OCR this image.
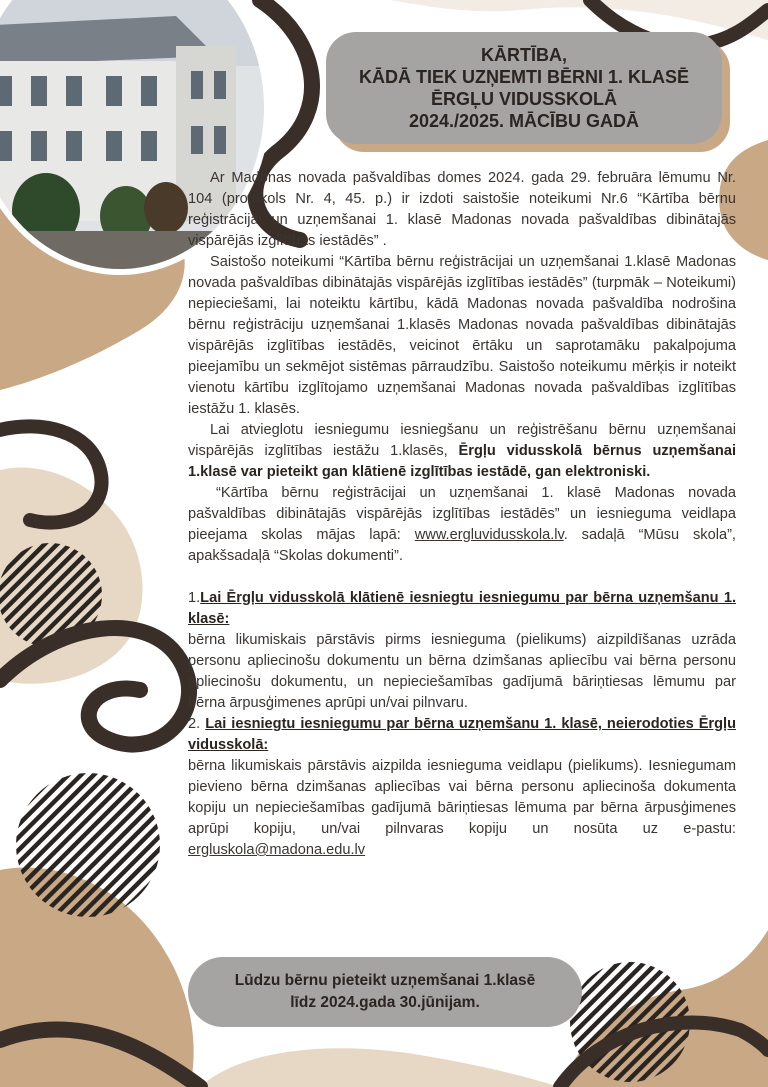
KĀRTĪBA,
KĀDĀ TIEK UZŅEMTI BĒRNI 1. KLASĒ
ĒRGĻU VIDUSSKOLĀ
2024./2025. MĀCĪBU GADĀ

Ar Madonas novada pašvaldības domes 2024. gada 29. februāra lēmumu Nr. 104 (protokols Nr. 4, 45. p.) ir izdoti saistošie noteikumi Nr.6 “Kārtība bērnu reģistrācijai un uzņemšanai 1. klasē Madonas novada pašvaldības dibinātajās vispārējās izglītības iestādēs” .

Saistošo noteikumi “Kārtība bērnu reģistrācijai un uzņemšanai 1.klasē Madonas novada pašvaldības dibinātajās vispārējās izglītības iestādēs” (turpmāk – Noteikumi) nepieciešami, lai noteiktu kārtību, kādā Madonas novada pašvaldība nodrošina bērnu reģistrāciju uzņemšanai 1.klasēs Madonas novada pašvaldības dibinātajās vispārējās izglītības iestādēs, veicinot ērtāku un saprotamāku pakalpojuma pieejamību un sekmējot sistēmas pārraudzību. Saistošo noteikumu mērķis ir noteikt vienotu kārtību izglītojamo uzņemšanai Madonas novada pašvaldības izglītības iestāžu 1. klasēs.

Lai atvieglotu iesniegumu iesniegšanu un reģistrēšanu bērnu uzņemšanai vispārējās izglītības iestāžu 1.klasēs, Ērgļu vidusskolā bērnus uzņemšanai 1.klasē var pieteikt gan klātienē izglītības iestādē, gan elektroniski.

“Kārtība bērnu reģistrācijai un uzņemšanai 1. klasē Madonas novada pašvaldības dibinātajās vispārējās izglītības iestādēs” un iesnieguma veidlapa pieejama skolas mājas lapā: www.ergluvidusskola.lv. sadaļā “Mūsu skola”, apakšsadaļā “Skolas dokumenti”.

1.Lai Ērgļu vidusskolā klātienē iesniegtu iesniegumu par bērna uzņemšanu 1. klasē:

bērna likumiskais pārstāvis pirms iesnieguma (pielikums) aizpildīšanas uzrāda personu apliecinošu dokumentu un bērna dzimšanas apliecību vai bērna personu apliecinošu dokumentu, un nepieciešamības gadījumā bāriņtiesas lēmumu par bērna ārpusģimenes aprūpi un/vai pilnvaru.

2. Lai iesniegtu iesniegumu par bērna uzņemšanu 1. klasē, neierodoties Ērgļu vidusskolā:

bērna likumiskais pārstāvis aizpilda iesnieguma veidlapu (pielikums). Iesniegumam pievieno bērna dzimšanas apliecības vai bērna personu apliecinoša dokumenta kopiju un nepieciešamības gadījumā bāriņtiesas lēmuma par bērna ārpusģimenes aprūpi kopiju, un/vai pilnvaras kopiju un nosūta uz e-pastu: ergluskola@madona.edu.lv

Lūdzu bērnu pieteikt uzņemšanai 1.klasē
līdz 2024.gada 30.jūnijam.
